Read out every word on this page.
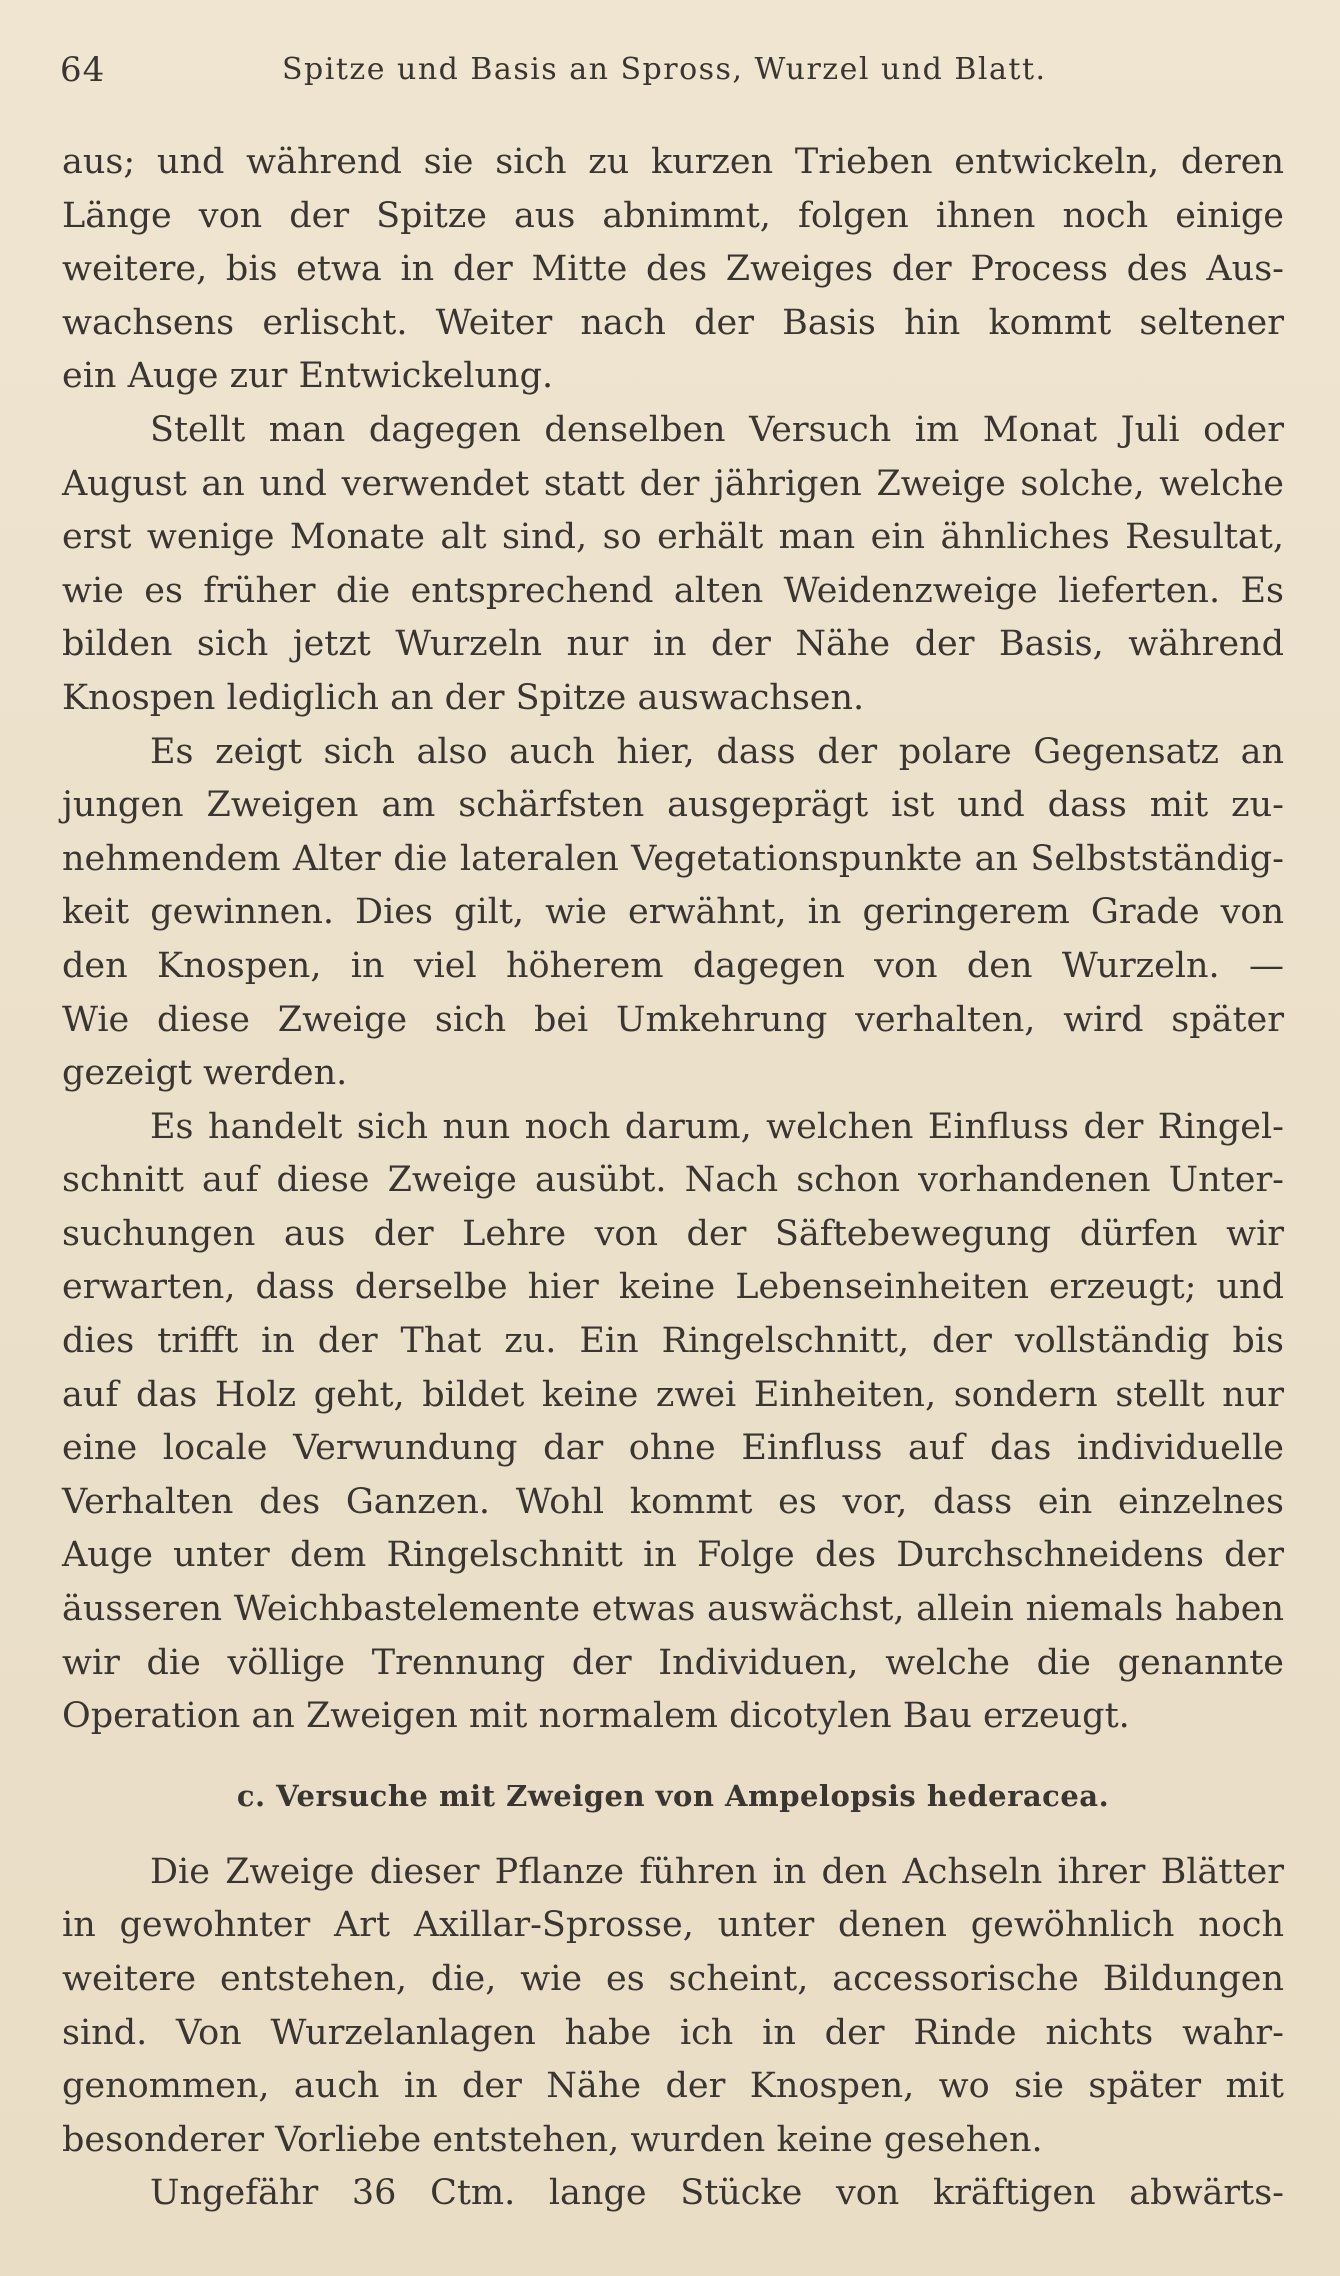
64	Spitze und Basis an Spross, Wurzel und Blatt.
aus; und während sie sich zu kurzen Trieben entwickeln, deren
Länge von der Spitze aus abnimmt, folgen ihnen noch einige
weitere, bis etwa in der Mitte des Zweiges der Process des Aus-
wachsens erlischt. Weiter nach der Basis hin kommt seltener
ein Auge zur Entwickelung.
Stellt man dagegen denselben Versuch im Monat Juli oder
August an und verwendet statt der jährigen Zweige solche, welche
erst wenige Monate alt sind, so erhält man ein ähnliches Resultat,
wie es früher die entsprechend alten Weidenzweige lieferten. Es
bilden sich jetzt Wurzeln nur in der Nähe der Basis, während
Knospen lediglich an der Spitze auswachsen.
Es zeigt sich also auch hier, dass der polare Gegensatz an
jungen Zweigen am schärfsten ausgeprägt ist und dass mit zu-
nehmendem Alter die lateralen Vegetationspunkte an Selbstständig-
keit gewinnen. Dies gilt, wie erwähnt, in geringerem Grade von
den Knospen, in viel höherem dagegen von den Wurzeln. —
Wie diese Zweige sich bei Umkehrung verhalten, wird später
gezeigt werden.
Es handelt sich nun noch darum, welchen Einfluss der Ringel-
schnitt auf diese Zweige ausübt. Nach schon vorhandenen Unter-
suchungen aus der Lehre von der Säftebewegung dürfen wir
erwarten, dass derselbe hier keine Lebenseinheiten erzeugt; und
dies trifft in der That zu. Ein Ringelschnitt, der vollständig bis
auf das Holz geht, bildet keine zwei Einheiten, sondern stellt nur
eine locale Verwundung dar ohne Einfluss auf das individuelle
Verhalten des Ganzen. Wohl kommt es vor, dass ein einzelnes
Auge unter dem Ringelschnitt in Folge des Durchschneidens der
äusseren Weichbastelemente etwas auswächst, allein niemals haben
wir die völlige Trennung der Individuen, welche die genannte
Operation an Zweigen mit normalem dicotylen Bau erzeugt.
c. Versuche mit Zweigen von Ampelopsis hederacea.
Die Zweige dieser Pflanze führen in den Achseln ihrer Blätter
in gewohnter Art Axillar-Sprosse, unter denen gewöhnlich noch
weitere entstehen, die, wie es scheint, accessorische Bildungen
sind. Von Wurzelanlagen habe ich in der Rinde nichts wahr-
genommen, auch in der Nähe der Knospen, wo sie später mit
besonderer Vorliebe entstehen, wurden keine gesehen.
Ungefähr 36 Ctm. lange Stücke von kräftigen abwärts-
